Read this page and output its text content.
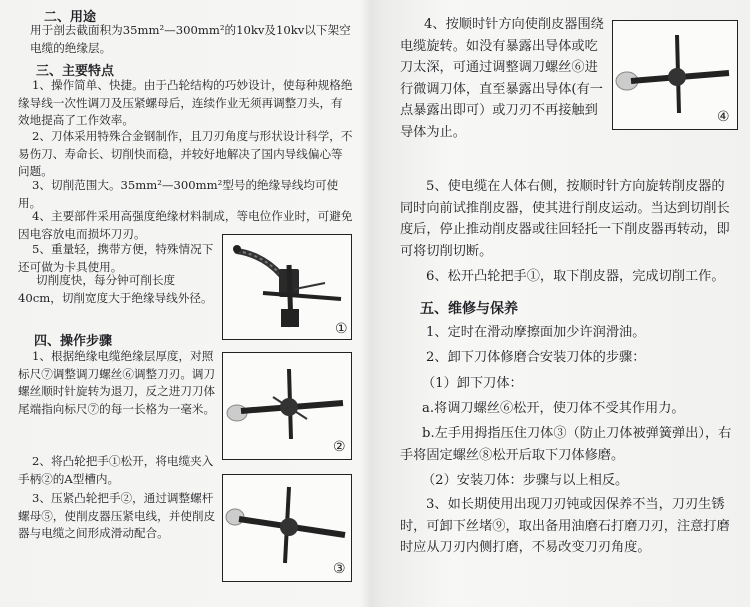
二、用途

用于剖去截面积为35mm²—300mm²的10kv及10kv以下架空电缆的绝缘层。

三、主要特点

1、操作简单、快捷。由于凸轮结构的巧妙设计，使每种规格绝缘导线一次性调刀及压紧螺母后，连续作业无须再调整刀头，有效地提高了工作效率。

2、刀体采用特殊合金钢制作，且刀刃角度与形状设计科学，不易伤刀、寿命长、切削快而稳，并较好地解决了国内导线偏心等问题。

3、切削范围大。35mm²—300mm²型号的绝缘导线均可使用。

4、主要部件采用高强度绝缘材料制成，等电位作业时，可避免因电容放电而损坏刀刃。

5、重量轻，携带方便，特殊情况下还可做为卡具使用。

切削度快，每分钟可削长度40cm，切削宽度大于绝缘导线外径。

四、操作步骤

1、根据绝缘电缆绝缘层厚度，对照标尺⑦调整调刀螺丝⑥调整刀刃。调刀螺丝顺时针旋转为退刀，反之进刀刀体尾端指向标尺⑦的每一长格为一毫米。

2、将凸轮把手①松开，将电缆夹入手柄②的A型槽内。

3、压紧凸轮把手②，通过调整螺杆螺母⑤，使削皮器压紧电线，并使削皮器与电缆之间形成滑动配合。

①
②
③

4、按顺时针方向使削皮器围绕电缆旋转。如没有暴露出导体或吃刀太深，可通过调整调刀螺丝⑥进行微调刀体，直至暴露出导体(有一点暴露出即可）或刀刃不再接触到导体为止。

④

5、使电缆在人体右侧，按顺时针方向旋转削皮器的同时向前试推削皮器，使其进行削皮运动。当达到切削长度后，停止推动削皮器或往回轻托一下削皮器再转动，即可将切削切断。

6、松开凸轮把手①，取下削皮器，完成切削工作。

五、维修与保养

1、定时在滑动摩擦面加少许润滑油。

2、卸下刀体修磨合安装刀体的步骤：

（1）卸下刀体：

a.将调刀螺丝⑥松开，使刀体不受其作用力。

b.左手用拇指压住刀体③（防止刀体被弹簧弹出），右手将固定螺丝⑧松开后取下刀体修磨。

（2）安装刀体：步骤与以上相反。

3、如长期使用出现刀刃钝或因保养不当，刀刃生锈时，可卸下丝堵⑨，取出备用油磨石打磨刀刃，注意打磨时应从刀刃内侧打磨，不易改变刀刃角度。
